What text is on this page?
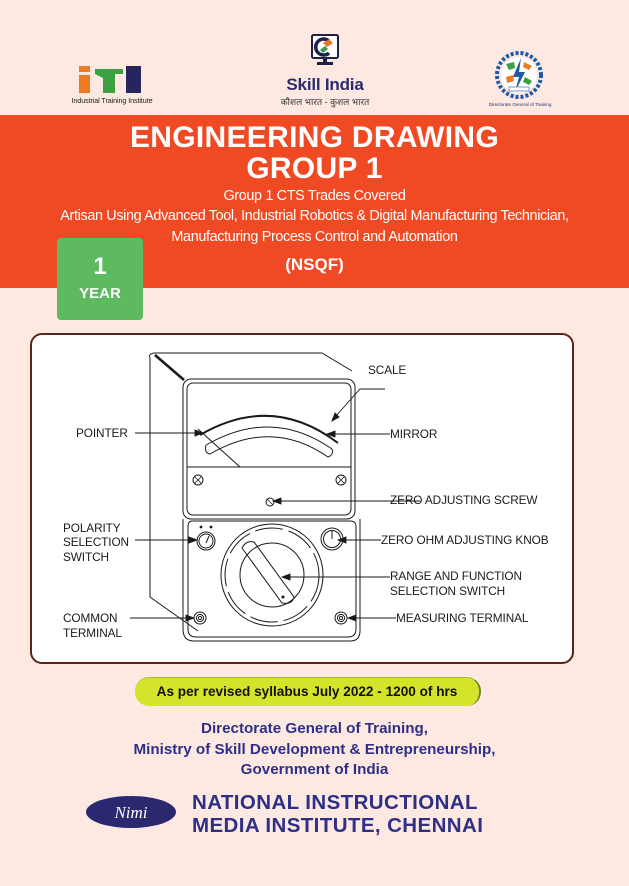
Industrial Training Institute
Skill India
कौशल भारत - कुशल भारत	Directorate General of Training
ENGINEERING DRAWING
GROUP 1
Group 1 CTS Trades Covered
Artisan Using Advanced Tool, Industrial Robotics & Digital Manufacturing Technician,
Manufacturing Process Control and Automation
(NSQF)
1
YEAR
SCALE
POINTER	MIRROR
ZERO ADJUSTING SCREW
POLARITY
SELECTION
SWITCH
ZERO OHM ADJUSTING KNOB
RANGE AND FUNCTION
SELECTION SWITCH
COMMON
TERMINAL
MEASURING TERMINAL
As per revised syllabus July 2022 - 1200 of hrs
Directorate General of Training,
Ministry of Skill Development & Entrepreneurship,
Government of India
Nimi NATIONAL INSTRUCTIONAL
MEDIA INSTITUTE, CHENNAI
